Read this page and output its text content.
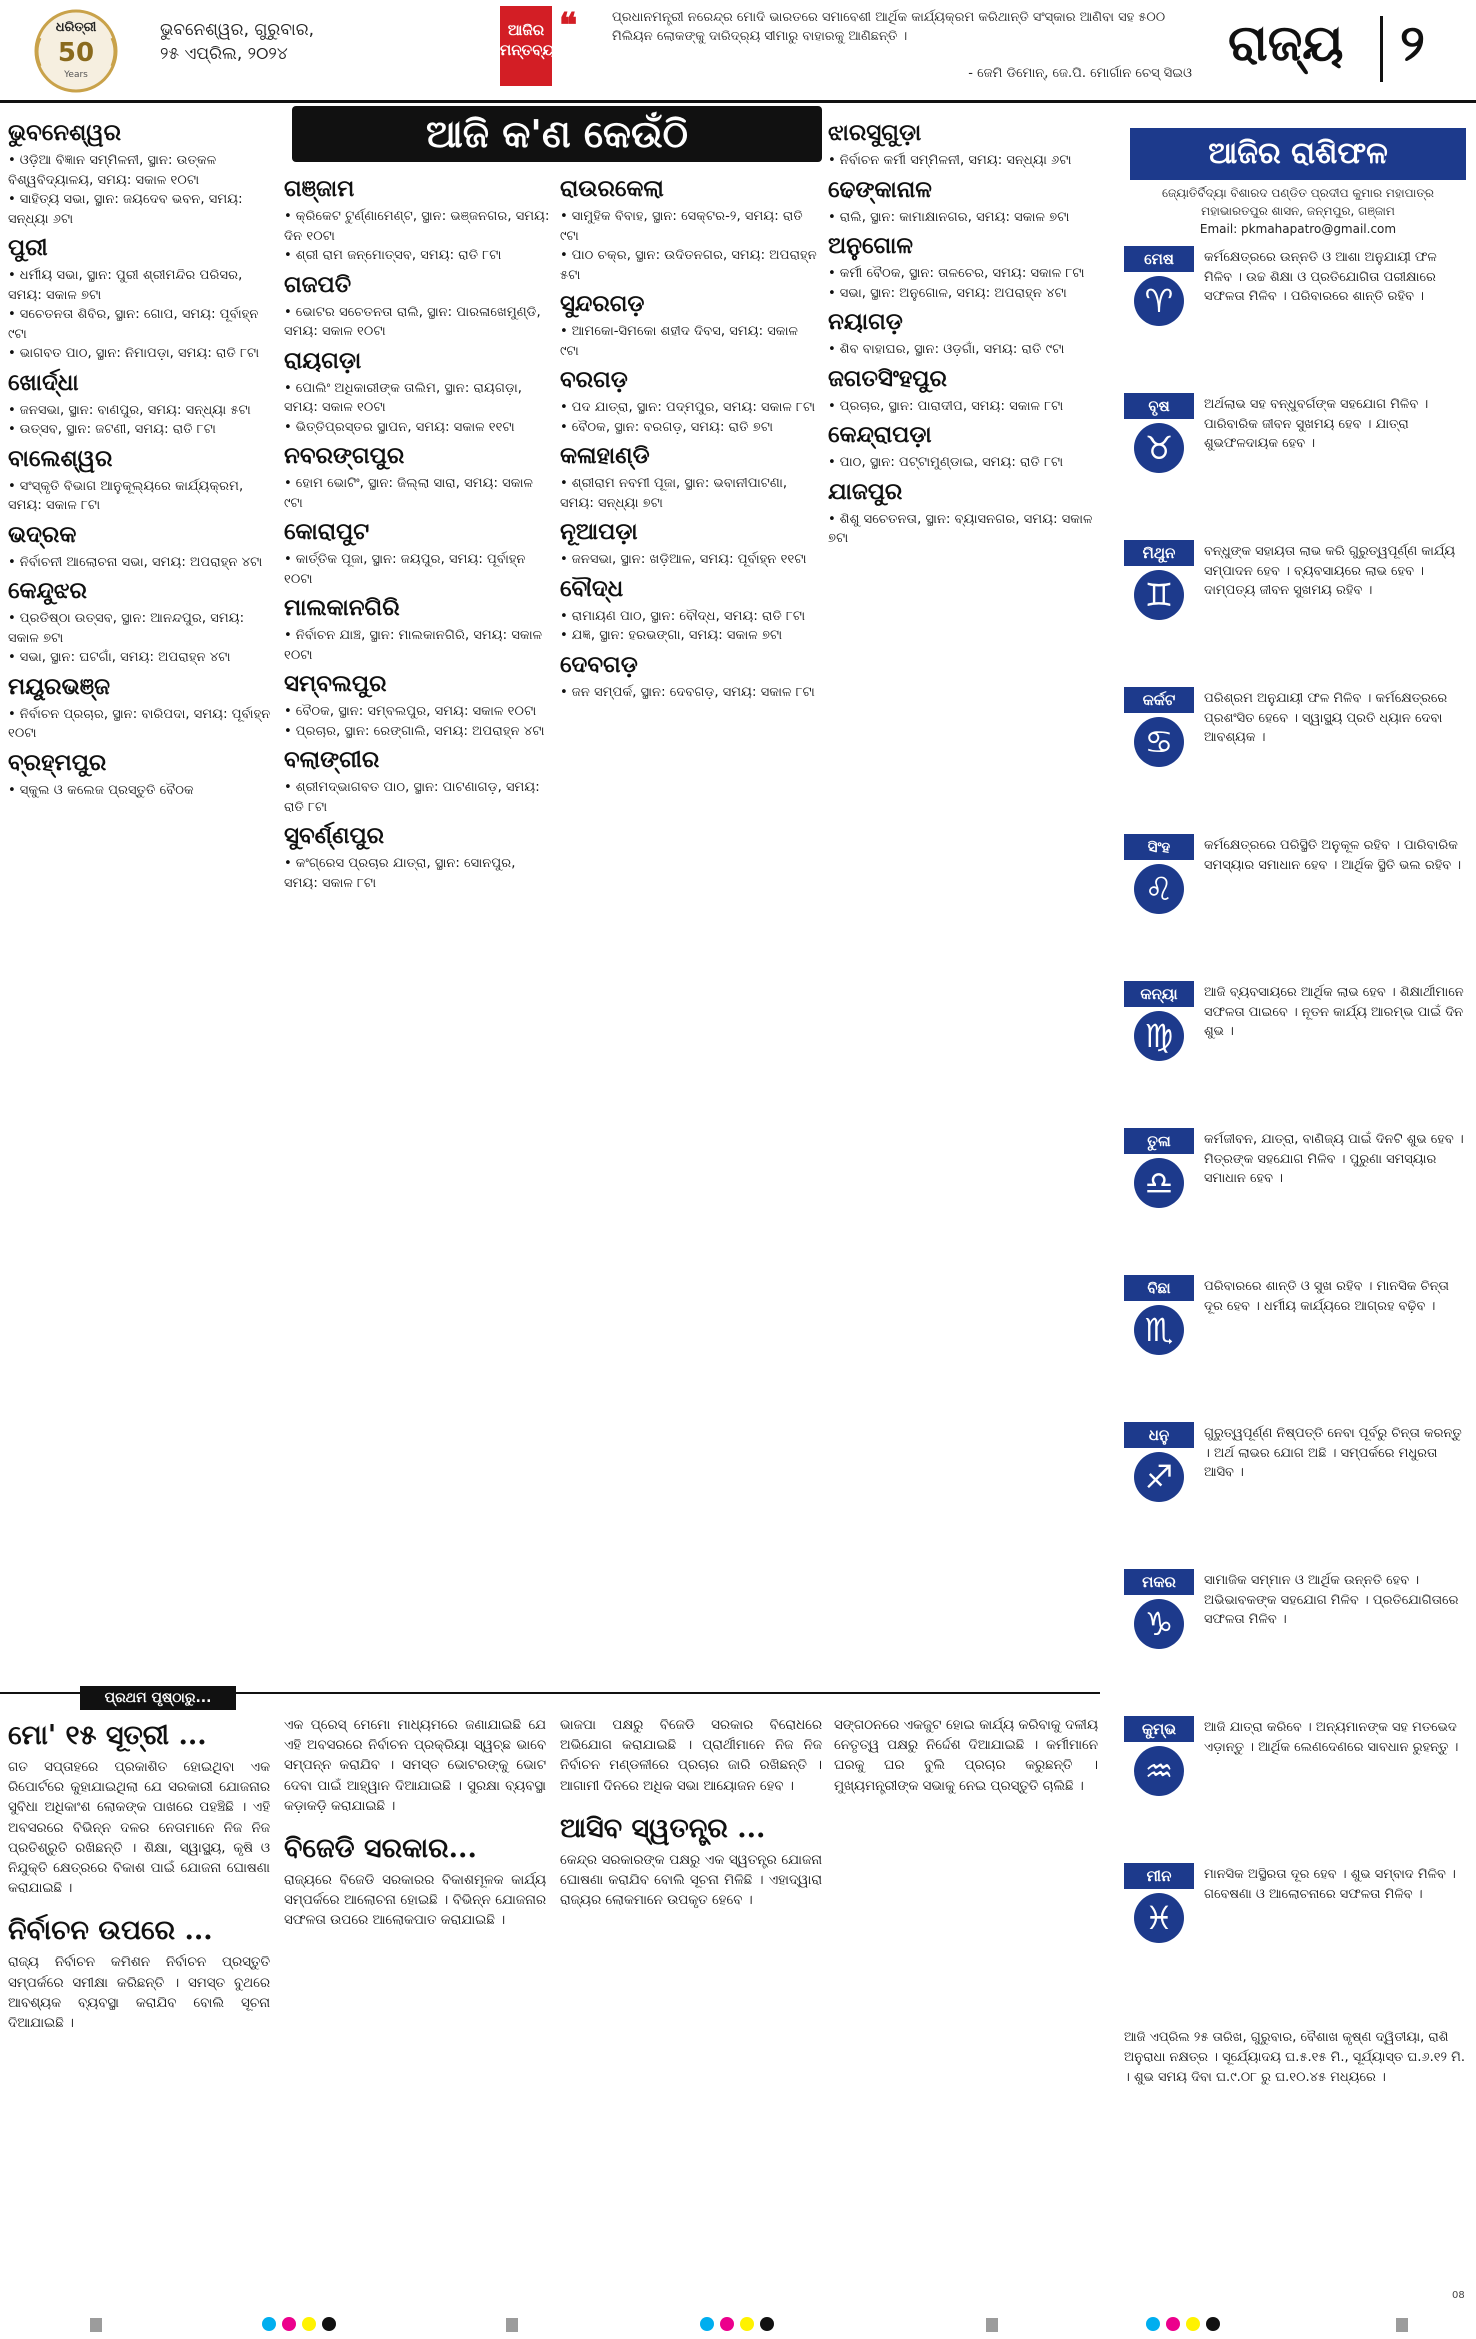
ଧରିତ୍ରୀ
50
Years
ଭୁବନେଶ୍ୱର, ଗୁରୁବାର,
୨୫ ଏପ୍ରିଲ, ୨୦୨୪
ଆଜିର
ମନ୍ତବ୍ୟ
❝	ପ୍ରଧାନମନ୍ତ୍ରୀ ନରେନ୍ଦ୍ର ମୋଦି ଭାରତରେ ସମାବେଶୀ ଆର୍ଥିକ କାର୍ଯ୍ୟକ୍ରମ କରିଥାନ୍ତି ସଂସ୍କାର ଆଣିବା ସହ ୫୦୦ ମିଲିୟନ ଲୋକଙ୍କୁ ଦାରିଦ୍ର୍ୟ ସୀମାରୁ ବାହାରକୁ ଆଣିଛନ୍ତି ।
- ଜେମି ଡିମୋନ୍, ଜେ.ପି. ମୋର୍ଗାନ ଚେସ୍ ସିଇଓ
ରାଜ୍ୟ ୨
ଆଜି କ'ଣ କେଉଁଠି
ଭୁବନେଶ୍ୱର
• ଓଡ଼ିଆ ବିଜ୍ଞାନ ସମ୍ମିଳନୀ, ସ୍ଥାନ: ଉତ୍କଳ ବିଶ୍ୱବିଦ୍ୟାଳୟ, ସମୟ: ସକାଳ ୧୦ଟା
• ସାହିତ୍ୟ ସଭା, ସ୍ଥାନ: ଜୟଦେବ ଭବନ, ସମୟ: ସନ୍ଧ୍ୟା ୬ଟା
ପୁରୀ
• ଧର୍ମୀୟ ସଭା, ସ୍ଥାନ: ପୁରୀ ଶ୍ରୀମନ୍ଦିର ପରିସର, ସମୟ: ସକାଳ ୭ଟା
• ସଚେତନତା ଶିବିର, ସ୍ଥାନ: ଗୋପ, ସମୟ: ପୂର୍ବାହ୍ନ ୯ଟା
• ଭାଗବତ ପାଠ, ସ୍ଥାନ: ନିମାପଡ଼ା, ସମୟ: ରାତି ୮ଟା
ଖୋର୍ଦ୍ଧା
• ଜନସଭା, ସ୍ଥାନ: ବାଣପୁର, ସମୟ: ସନ୍ଧ୍ୟା ୫ଟା
• ଉତ୍ସବ, ସ୍ଥାନ: ଜଟଣୀ, ସମୟ: ରାତି ୮ଟା
ବାଲେଶ୍ୱର
• ସଂସ୍କୃତି ବିଭାଗ ଆନୁକୂଲ୍ୟରେ କାର୍ଯ୍ୟକ୍ରମ, ସମୟ: ସକାଳ ୮ଟା
ଭଦ୍ରକ
• ନିର୍ବାଚନୀ ଆଲୋଚନା ସଭା, ସମୟ: ଅପରାହ୍ନ ୪ଟା
କେନ୍ଦୁଝର
• ପ୍ରତିଷ୍ଠା ଉତ୍ସବ, ସ୍ଥାନ: ଆନନ୍ଦପୁର, ସମୟ: ସକାଳ ୭ଟା
• ସଭା, ସ୍ଥାନ: ଘଟଗାଁ, ସମୟ: ଅପରାହ୍ନ ୪ଟା
ମୟୂରଭଞ୍ଜ
• ନିର୍ବାଚନ ପ୍ରଚାର, ସ୍ଥାନ: ବାରିପଦା, ସମୟ: ପୂର୍ବାହ୍ନ ୧୦ଟା
ବ୍ରହ୍ମପୁର
• ସ୍କୁଲ ଓ କଲେଜ ପ୍ରସ୍ତୁତି ବୈଠକ
ଗଞ୍ଜାମ
• କ୍ରିକେଟ ଟୁର୍ଣ୍ଣାମେଣ୍ଟ, ସ୍ଥାନ: ଭଞ୍ଜନଗର, ସମୟ: ଦିନ ୧୦ଟା
• ଶ୍ରୀ ରାମ ଜନ୍ମୋତ୍ସବ, ସମୟ: ରାତି ୮ଟା
ଗଜପତି
• ଭୋଟର ସଚେତନତା ରାଲି, ସ୍ଥାନ: ପାରଳାଖେମୁଣ୍ଡି, ସମୟ: ସକାଳ ୧୦ଟା
ରାୟଗଡ଼ା
• ପୋଲିଂ ଅଧିକାରୀଙ୍କ ତାଲିମ, ସ୍ଥାନ: ରାୟଗଡ଼ା, ସମୟ: ସକାଳ ୧୦ଟା
• ଭିତ୍ତିପ୍ରସ୍ତର ସ୍ଥାପନ, ସମୟ: ସକାଳ ୧୧ଟା
ନବରଙ୍ଗପୁର
• ହୋମ ଭୋଟିଂ, ସ୍ଥାନ: ଜିଲ୍ଲା ସାରା, ସମୟ: ସକାଳ ୯ଟା
କୋରାପୁଟ
• କାର୍ତ୍ତିକ ପୂଜା, ସ୍ଥାନ: ଜୟପୁର, ସମୟ: ପୂର୍ବାହ୍ନ ୧୦ଟା
ମାଲକାନଗିରି
• ନିର୍ବାଚନ ଯାଞ୍ଚ, ସ୍ଥାନ: ମାଲକାନଗିରି, ସମୟ: ସକାଳ ୧୦ଟା
ସମ୍ବଲପୁର
• ବୈଠକ, ସ୍ଥାନ: ସମ୍ବଲପୁର, ସମୟ: ସକାଳ ୧୦ଟା
• ପ୍ରଚାର, ସ୍ଥାନ: ରେଙ୍ଗାଲି, ସମୟ: ଅପରାହ୍ନ ୪ଟା
ବଲାଙ୍ଗୀର
• ଶ୍ରୀମଦ୍ଭାଗବତ ପାଠ, ସ୍ଥାନ: ପାଟଣାଗଡ଼, ସମୟ: ରାତି ୮ଟା
ସୁବର୍ଣ୍ଣପୁର
• କଂଗ୍ରେସ ପ୍ରଚାର ଯାତ୍ରା, ସ୍ଥାନ: ସୋନପୁର, ସମୟ: ସକାଳ ୮ଟା
ରାଉରକେଲା
• ସାମୁହିକ ବିବାହ, ସ୍ଥାନ: ସେକ୍ଟର-୨, ସମୟ: ରାତି ୯ଟା
• ପାଠ ଚକ୍ର, ସ୍ଥାନ: ଉଦିତନଗର, ସମୟ: ଅପରାହ୍ନ ୫ଟା
ସୁନ୍ଦରଗଡ଼
• ଆମକୋ-ସିମକୋ ଶହୀଦ ଦିବସ, ସମୟ: ସକାଳ ୯ଟା
ବରଗଡ଼
• ପଦ ଯାତ୍ରା, ସ୍ଥାନ: ପଦ୍ମପୁର, ସମୟ: ସକାଳ ୮ଟା
• ବୈଠକ, ସ୍ଥାନ: ବରଗଡ଼, ସମୟ: ରାତି ୭ଟା
କଳାହାଣ୍ଡି
• ଶ୍ରୀରାମ ନବମୀ ପୂଜା, ସ୍ଥାନ: ଭବାନୀପାଟଣା, ସମୟ: ସନ୍ଧ୍ୟା ୭ଟା
ନୂଆପଡ଼ା
• ଜନସଭା, ସ୍ଥାନ: ଖଡ଼ିଆଳ, ସମୟ: ପୂର୍ବାହ୍ନ ୧୧ଟା
ବୌଦ୍ଧ
• ରାମାୟଣ ପାଠ, ସ୍ଥାନ: ବୌଦ୍ଧ, ସମୟ: ରାତି ୮ଟା
• ଯଜ୍ଞ, ସ୍ଥାନ: ହରଭଙ୍ଗା, ସମୟ: ସକାଳ ୭ଟା
ଦେବଗଡ଼
• ଜନ ସମ୍ପର୍କ, ସ୍ଥାନ: ଦେବଗଡ଼, ସମୟ: ସକାଳ ୮ଟା
ଝାରସୁଗୁଡ଼ା
• ନିର୍ବାଚନ କର୍ମୀ ସମ୍ମିଳନୀ, ସମୟ: ସନ୍ଧ୍ୟା ୬ଟା
ଢେଙ୍କାନାଳ
• ରାଲି, ସ୍ଥାନ: କାମାକ୍ଷାନଗର, ସମୟ: ସକାଳ ୭ଟା
ଅନୁଗୋଳ
• କର୍ମୀ ବୈଠକ, ସ୍ଥାନ: ତାଳଚେର, ସମୟ: ସକାଳ ୮ଟା
• ସଭା, ସ୍ଥାନ: ଅନୁଗୋଳ, ସମୟ: ଅପରାହ୍ନ ୪ଟା
ନୟାଗଡ଼
• ଶିବ ବାହାଘର, ସ୍ଥାନ: ଓଡ଼ଗାଁ, ସମୟ: ରାତି ୯ଟା
ଜଗତସିଂହପୁର
• ପ୍ରଚାର, ସ୍ଥାନ: ପାରାଦୀପ, ସମୟ: ସକାଳ ୮ଟା
କେନ୍ଦ୍ରାପଡ଼ା
• ପାଠ, ସ୍ଥାନ: ପଟ୍ଟାମୁଣ୍ଡାଇ, ସମୟ: ରାତି ୮ଟା
ଯାଜପୁର
• ଶିଶୁ ସଚେତନତା, ସ୍ଥାନ: ବ୍ୟାସନଗର, ସମୟ: ସକାଳ ୭ଟା
ଆଜିର ରାଶିଫଳ
ଜ୍ୟୋତିର୍ବିଦ୍ୟା ବିଶାରଦ ପଣ୍ଡିତ ପ୍ରଦୀପ କୁମାର ମହାପାତ୍ର
ମହାଭାରତପୁର ଶାସନ, ଜନ୍ମପୁର, ଗଞ୍ଜାମ
Email: pkmahapatro@gmail.com
ମେଷ
♈
କର୍ମକ୍ଷେତ୍ରରେ ଉନ୍ନତି ଓ ଆଶା ଅନୁଯାୟୀ ଫଳ ମିଳିବ । ଉଚ୍ଚ ଶିକ୍ଷା ଓ ପ୍ରତିଯୋଗିତା ପରୀକ୍ଷାରେ ସଫଳତା ମିଳିବ । ପରିବାରରେ ଶାନ୍ତି ରହିବ ।
ବୃଷ
♉
ଅର୍ଥଲାଭ ସହ ବନ୍ଧୁବର୍ଗଙ୍କ ସହଯୋଗ ମିଳିବ । ପାରିବାରିକ ଜୀବନ ସୁଖମୟ ହେବ । ଯାତ୍ରା ଶୁଭଫଳଦାୟକ ହେବ ।
ମିଥୁନ
♊
ବନ୍ଧୁଙ୍କ ସହାୟତା ଲାଭ କରି ଗୁରୁତ୍ୱପୂର୍ଣ୍ଣ କାର୍ଯ୍ୟ ସମ୍ପାଦନ ହେବ । ବ୍ୟବସାୟରେ ଲାଭ ହେବ । ଦାମ୍ପତ୍ୟ ଜୀବନ ସୁଖମୟ ରହିବ ।
କର୍କଟ
♋
ପରିଶ୍ରମ ଅନୁଯାୟୀ ଫଳ ମିଳିବ । କର୍ମକ୍ଷେତ୍ରରେ ପ୍ରଶଂସିତ ହେବେ । ସ୍ୱାସ୍ଥ୍ୟ ପ୍ରତି ଧ୍ୟାନ ଦେବା ଆବଶ୍ୟକ ।
ସିଂହ
♌
କର୍ମକ୍ଷେତ୍ରରେ ପରିସ୍ଥିତି ଅନୁକୂଳ ରହିବ । ପାରିବାରିକ ସମସ୍ୟାର ସମାଧାନ ହେବ । ଆର୍ଥିକ ସ୍ଥିତି ଭଲ ରହିବ ।
କନ୍ୟା
♍
ଆଜି ବ୍ୟବସାୟରେ ଆର୍ଥିକ ଲାଭ ହେବ । ଶିକ୍ଷାର୍ଥୀମାନେ ସଫଳତା ପାଇବେ । ନୂତନ କାର୍ଯ୍ୟ ଆରମ୍ଭ ପାଇଁ ଦିନ ଶୁଭ ।
ତୁଳା
♎
କର୍ମଜୀବନ, ଯାତ୍ରା, ବାଣିଜ୍ୟ ପାଇଁ ଦିନଟି ଶୁଭ ହେବ । ମିତ୍ରଙ୍କ ସହଯୋଗ ମିଳିବ । ପୁରୁଣା ସମସ୍ୟାର ସମାଧାନ ହେବ ।
ବିଛା
♏
ପରିବାରରେ ଶାନ୍ତି ଓ ସୁଖ ରହିବ । ମାନସିକ ଚିନ୍ତା ଦୂର ହେବ । ଧର୍ମୀୟ କାର୍ଯ୍ୟରେ ଆଗ୍ରହ ବଢ଼ିବ ।
ଧନୁ
♐
ଗୁରୁତ୍ୱପୂର୍ଣ୍ଣ ନିଷ୍ପତ୍ତି ନେବା ପୂର୍ବରୁ ଚିନ୍ତା କରନ୍ତୁ । ଅର୍ଥ ଲାଭର ଯୋଗ ଅଛି । ସମ୍ପର୍କରେ ମଧୁରତା ଆସିବ ।
ମକର
♑
ସାମାଜିକ ସମ୍ମାନ ଓ ଆର୍ଥିକ ଉନ୍ନତି ହେବ । ଅଭିଭାବକଙ୍କ ସହଯୋଗ ମିଳିବ । ପ୍ରତିଯୋଗିତାରେ ସଫଳତା ମିଳିବ ।
କୁମ୍ଭ
♒
ଆଜି ଯାତ୍ରା କରିବେ । ଅନ୍ୟମାନଙ୍କ ସହ ମତଭେଦ ଏଡ଼ାନ୍ତୁ । ଆର୍ଥିକ ଲେଣଦେଣରେ ସାବଧାନ ରୁହନ୍ତୁ ।
ମୀନ
♓
ମାନସିକ ଅସ୍ଥିରତା ଦୂର ହେବ । ଶୁଭ ସମ୍ବାଦ ମିଳିବ । ଗବେଷଣା ଓ ଆଲୋଚନାରେ ସଫଳତା ମିଳିବ ।
ଆଜି ଏପ୍ରିଲ ୨୫ ତାରିଖ, ଗୁରୁବାର, ବୈଶାଖ କୃଷ୍ଣ ଦ୍ୱିତୀୟା, ରାଶି ଅନୁରାଧା ନକ୍ଷତ୍ର । ସୂର୍ଯ୍ୟୋଦୟ ଘ.୫.୧୫ ମି., ସୂର୍ଯ୍ୟାସ୍ତ ଘ.୬.୧୨ ମି. । ଶୁଭ ସମୟ ଦିବା ଘ.୯.୦୮ ରୁ ଘ.୧୦.୪୫ ମଧ୍ୟରେ ।
ପ୍ରଥମ ପୃଷ୍ଠାରୁ...
ମୋ' ୧୫ ସୂତ୍ରୀ ...
ଗତ ସପ୍ତାହରେ ପ୍ରକାଶିତ ହୋଇଥିବା ଏକ ରିପୋର୍ଟରେ କୁହାଯାଇଥିଲା ଯେ ସରକାରୀ ଯୋଜନାର ସୁବିଧା ଅଧିକାଂଶ ଲୋକଙ୍କ ପାଖରେ ପହଞ୍ଚିଛି । ଏହି ଅବସରରେ ବିଭିନ୍ନ ଦଳର ନେତାମାନେ ନିଜ ନିଜ ପ୍ରତିଶ୍ରୁତି ରଖିଛନ୍ତି । ଶିକ୍ଷା, ସ୍ୱାସ୍ଥ୍ୟ, କୃଷି ଓ ନିଯୁକ୍ତି କ୍ଷେତ୍ରରେ ବିକାଶ ପାଇଁ ଯୋଜନା ଘୋଷଣା କରାଯାଇଛି ।
ନିର୍ବାଚନ ଉପରେ ...
ରାଜ୍ୟ ନିର୍ବାଚନ କମିଶନ ନିର୍ବାଚନ ପ୍ରସ୍ତୁତି ସମ୍ପର୍କରେ ସମୀକ୍ଷା କରିଛନ୍ତି । ସମସ୍ତ ବୁଥରେ ଆବଶ୍ୟକ ବ୍ୟବସ୍ଥା କରାଯିବ ବୋଲି ସୂଚନା ଦିଆଯାଇଛି ।
ଏକ ପ୍ରେସ୍ ମେମୋ ମାଧ୍ୟମରେ ଜଣାଯାଇଛି ଯେ ଏହି ଅବସରରେ ନିର୍ବାଚନ ପ୍ରକ୍ରିୟା ସ୍ୱଚ୍ଛ ଭାବେ ସମ୍ପନ୍ନ କରାଯିବ । ସମସ୍ତ ଭୋଟରଙ୍କୁ ଭୋଟ ଦେବା ପାଇଁ ଆହ୍ୱାନ ଦିଆଯାଇଛି । ସୁରକ୍ଷା ବ୍ୟବସ୍ଥା କଡ଼ାକଡ଼ି କରାଯାଇଛି ।
ବିଜେଡି ସରକାର...
ରାଜ୍ୟରେ ବିଜେଡି ସରକାରର ବିକାଶମୂଳକ କାର୍ଯ୍ୟ ସମ୍ପର୍କରେ ଆଲୋଚନା ହୋଇଛି । ବିଭିନ୍ନ ଯୋଜନାର ସଫଳତା ଉପରେ ଆଲୋକପାତ କରାଯାଇଛି ।
ଭାଜପା ପକ୍ଷରୁ ବିଜେଡି ସରକାର ବିରୋଧରେ ଅଭିଯୋଗ କରାଯାଇଛି । ପ୍ରାର୍ଥୀମାନେ ନିଜ ନିଜ ନିର୍ବାଚନ ମଣ୍ଡଳୀରେ ପ୍ରଚାର ଜାରି ରଖିଛନ୍ତି । ଆଗାମୀ ଦିନରେ ଅଧିକ ସଭା ଆୟୋଜନ ହେବ ।
ଆସିବ ସ୍ୱତନ୍ତ୍ର ...
କେନ୍ଦ୍ର ସରକାରଙ୍କ ପକ୍ଷରୁ ଏକ ସ୍ୱତନ୍ତ୍ର ଯୋଜନା ଘୋଷଣା କରାଯିବ ବୋଲି ସୂଚନା ମିଳିଛି । ଏହାଦ୍ୱାରା ରାଜ୍ୟର ଲୋକମାନେ ଉପକୃତ ହେବେ ।
ସଙ୍ଗଠନରେ ଏକଜୁଟ ହୋଇ କାର୍ଯ୍ୟ କରିବାକୁ ଦଳୀୟ ନେତୃତ୍ୱ ପକ୍ଷରୁ ନିର୍ଦ୍ଦେଶ ଦିଆଯାଇଛି । କର୍ମୀମାନେ ଘରକୁ ଘର ବୁଲି ପ୍ରଚାର କରୁଛନ୍ତି । ମୁଖ୍ୟମନ୍ତ୍ରୀଙ୍କ ସଭାକୁ ନେଇ ପ୍ରସ୍ତୁତି ଚାଲିଛି ।
08
